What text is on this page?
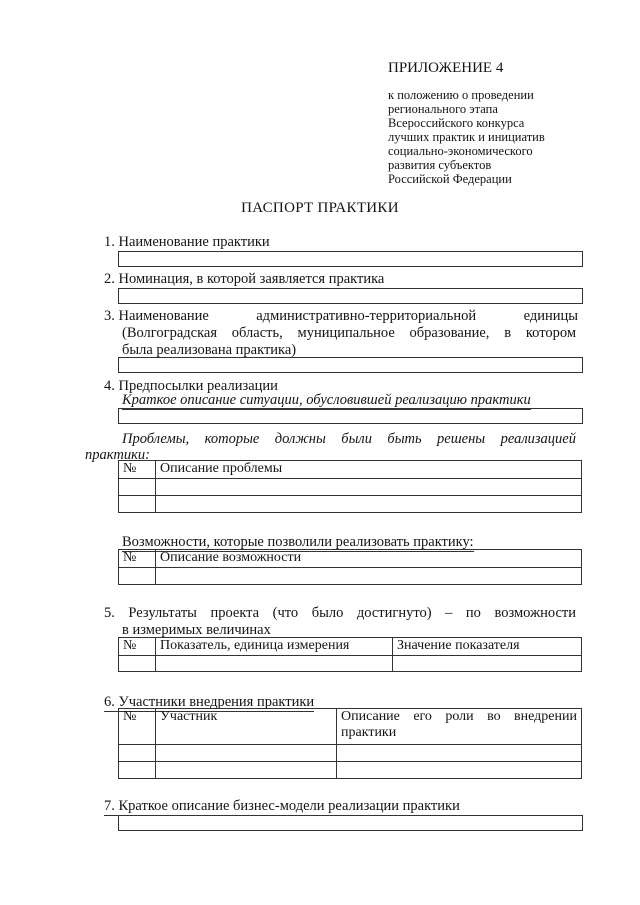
ПРИЛОЖЕНИЕ 4
к положению о проведении
регионального этапа
Всероссийского конкурса
лучших практик и инициатив
социально-экономического
развития субъектов
Российской Федерации
ПАСПОРТ ПРАКТИКИ
1. Наименование практики
2. Номинация, в которой заявляется практика
3. Наименование	административно-территориальной	единицы
(Волгоградская область, муниципальное образование, в котором
была реализована практика)
4. Предпосылки реализации
Краткое описание ситуации, обусловившей реализацию практики
Проблемы, которые должны были быть решены реализацией
практики:
№	Описание проблемы

Возможности, которые позволили реализовать практику:
№	Описание возможности

5. Результаты проекта (что было достигнуто) – по возможности
в измеримых величинах
№	Показатель, единица измерения	Значение показателя

6. Участники внедрения практики
№	Участник	Описание его роли во внедрении
практики

7. Краткое описание бизнес-модели реализации практики
